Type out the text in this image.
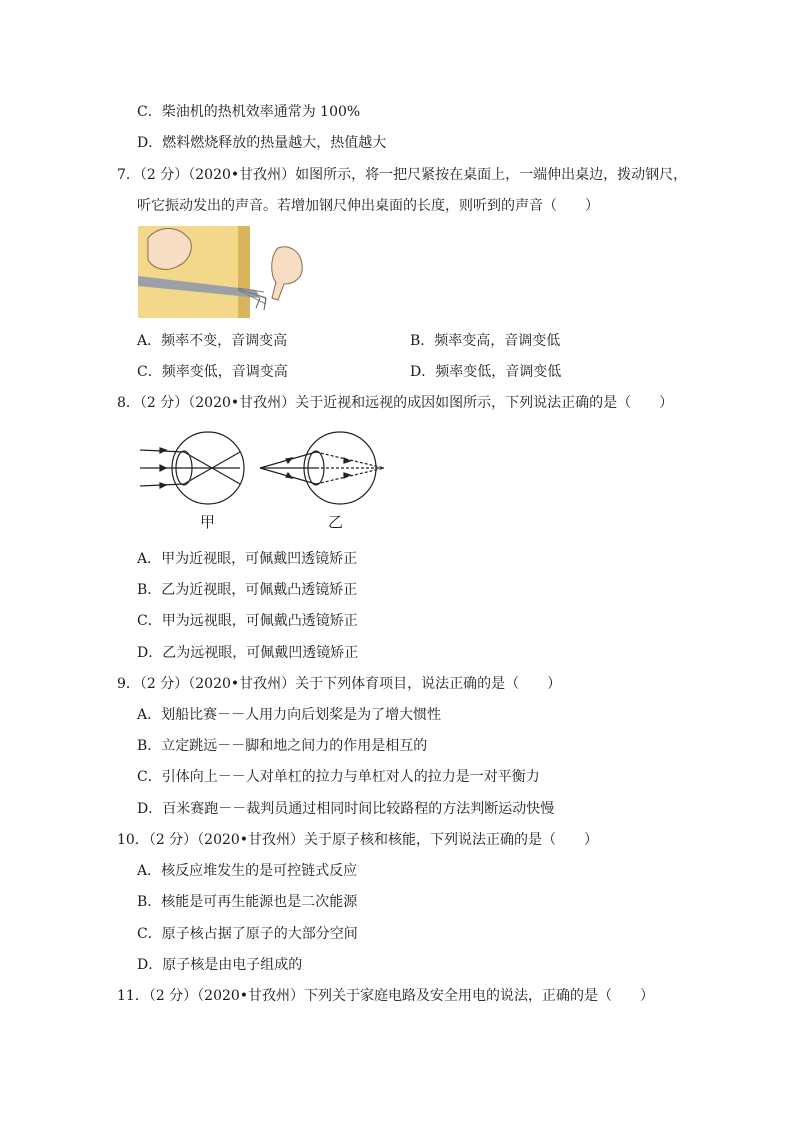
C．柴油机的热机效率通常为 100%
D．燃料燃烧释放的热量越大，热值越大
7．（2 分）（2020•甘孜州）如图所示，将一把尺紧按在桌面上，一端伸出桌边，拨动钢尺，
听它振动发出的声音。若增加钢尺伸出桌面的长度，则听到的声音（　　）
A．频率不变，音调变高	B．频率变高，音调变低
C．频率变低，音调变高	D．频率变低，音调变低
8．（2 分）（2020•甘孜州）关于近视和远视的成因如图所示，下列说法正确的是（　　）
甲	乙
A．甲为近视眼，可佩戴凹透镜矫正
B．乙为近视眼，可佩戴凸透镜矫正
C．甲为远视眼，可佩戴凸透镜矫正
D．乙为远视眼，可佩戴凹透镜矫正
9．（2 分）（2020•甘孜州）关于下列体育项目，说法正确的是（　　）
A．划船比赛－－人用力向后划桨是为了增大惯性
B．立定跳远－－脚和地之间力的作用是相互的
C．引体向上－－人对单杠的拉力与单杠对人的拉力是一对平衡力
D．百米赛跑－－裁判员通过相同时间比较路程的方法判断运动快慢
10．（2 分）（2020•甘孜州）关于原子核和核能，下列说法正确的是（　　）
A．核反应堆发生的是可控链式反应
B．核能是可再生能源也是二次能源
C．原子核占据了原子的大部分空间
D．原子核是由电子组成的
11．（2 分）（2020•甘孜州）下列关于家庭电路及安全用电的说法，正确的是（　　）
